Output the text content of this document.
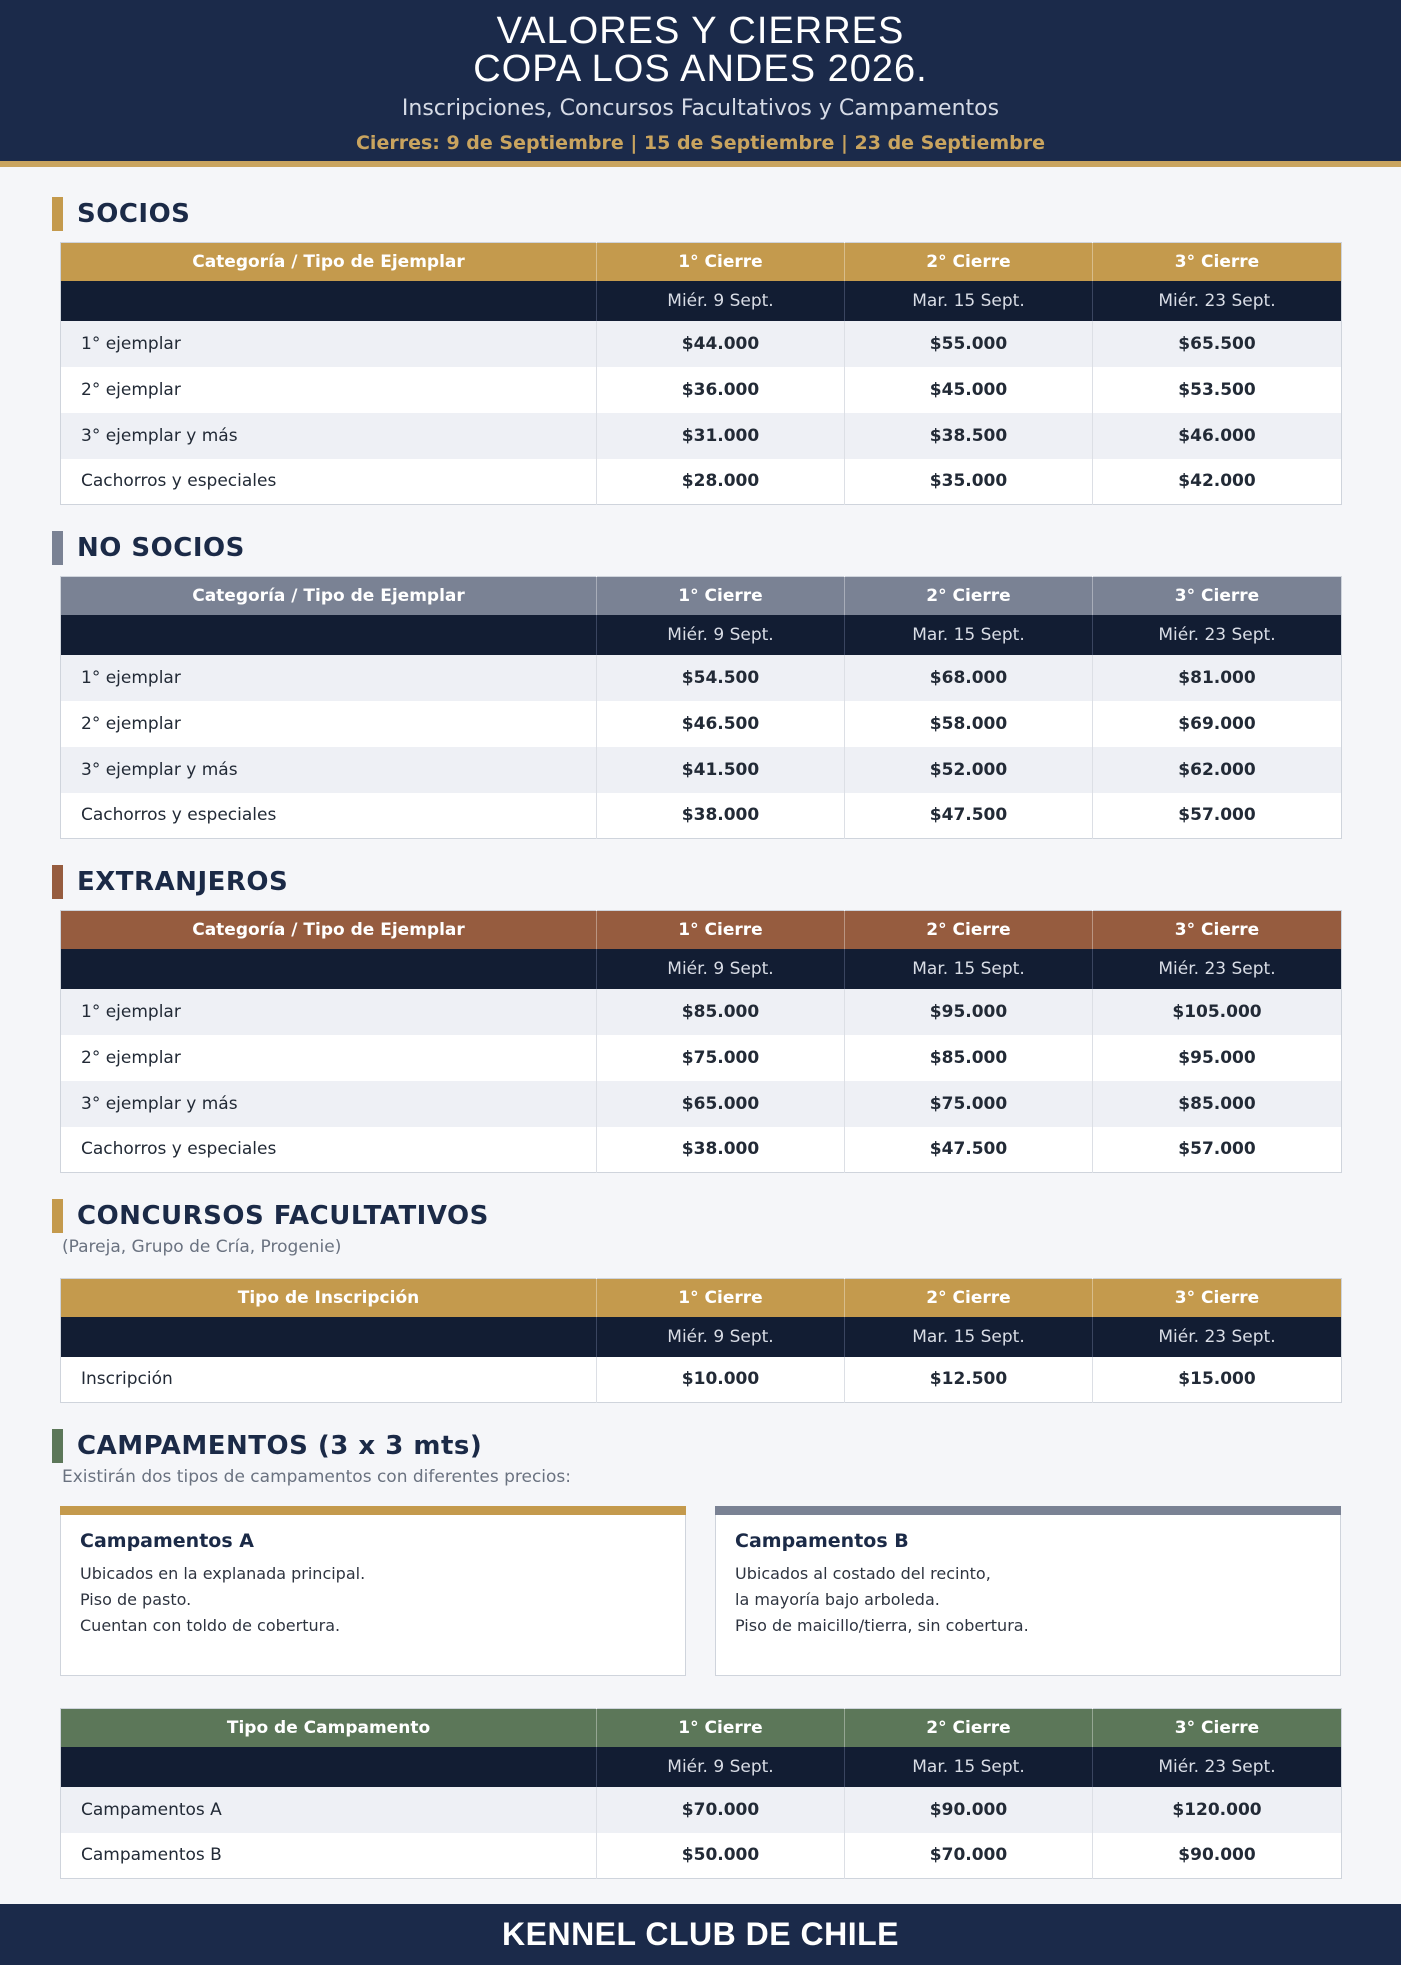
VALORES Y CIERRES
COPA LOS ANDES 2026.
Inscripciones, Concursos Facultativos y Campamentos
Cierres: 9 de Septiembre | 15 de Septiembre | 23 de Septiembre
SOCIOS
Categoría / Tipo de Ejemplar	1° Cierre	2° Cierre	3° Cierre
	Miér. 9 Sept.	Mar. 15 Sept.	Miér. 23 Sept.
1° ejemplar	$44.000	$55.000	$65.500
2° ejemplar	$36.000	$45.000	$53.500
3° ejemplar y más	$31.000	$38.500	$46.000
Cachorros y especiales	$28.000	$35.000	$42.000
NO SOCIOS
Categoría / Tipo de Ejemplar	1° Cierre	2° Cierre	3° Cierre
	Miér. 9 Sept.	Mar. 15 Sept.	Miér. 23 Sept.
1° ejemplar	$54.500	$68.000	$81.000
2° ejemplar	$46.500	$58.000	$69.000
3° ejemplar y más	$41.500	$52.000	$62.000
Cachorros y especiales	$38.000	$47.500	$57.000
EXTRANJEROS
Categoría / Tipo de Ejemplar	1° Cierre	2° Cierre	3° Cierre
	Miér. 9 Sept.	Mar. 15 Sept.	Miér. 23 Sept.
1° ejemplar	$85.000	$95.000	$105.000
2° ejemplar	$75.000	$85.000	$95.000
3° ejemplar y más	$65.000	$75.000	$85.000
Cachorros y especiales	$38.000	$47.500	$57.000
CONCURSOS FACULTATIVOS
(Pareja, Grupo de Cría, Progenie)
Tipo de Inscripción	1° Cierre	2° Cierre	3° Cierre
	Miér. 9 Sept.	Mar. 15 Sept.	Miér. 23 Sept.
Inscripción	$10.000	$12.500	$15.000
CAMPAMENTOS (3 x 3 mts)
Existirán dos tipos de campamentos con diferentes precios:
Campamentos A
Ubicados en la explanada principal.
Piso de pasto.
Cuentan con toldo de cobertura.
Campamentos B
Ubicados al costado del recinto,
la mayoría bajo arboleda.
Piso de maicillo/tierra, sin cobertura.
Tipo de Campamento	1° Cierre	2° Cierre	3° Cierre
	Miér. 9 Sept.	Mar. 15 Sept.	Miér. 23 Sept.
Campamentos A	$70.000	$90.000	$120.000
Campamentos B	$50.000	$70.000	$90.000
KENNEL CLUB DE CHILE
